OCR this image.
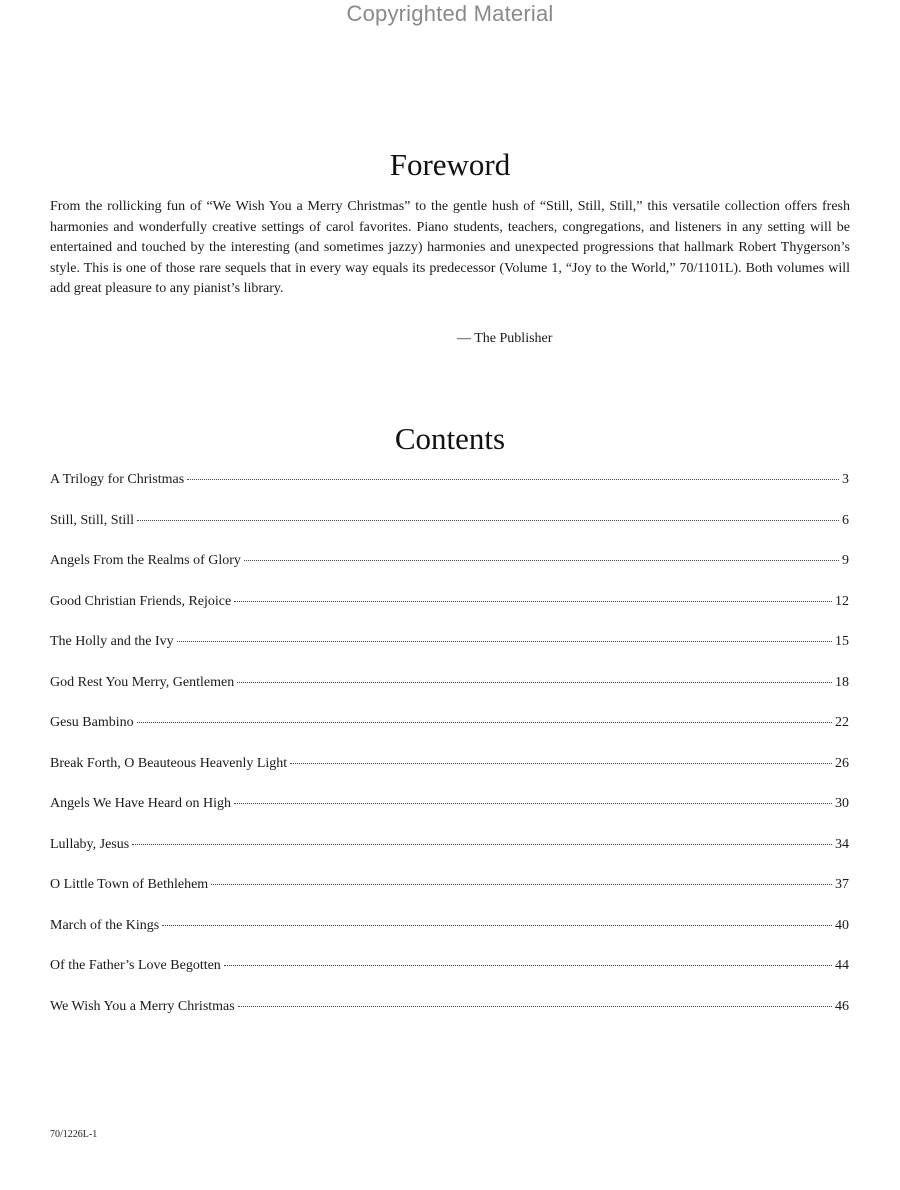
Copyrighted Material
Foreword

From the rollicking fun of “We Wish You a Merry Christmas” to the gentle hush of “Still, Still, Still,” this versatile collection offers fresh harmonies and wonderfully creative settings of carol favorites. Piano students, teachers, congregations, and listeners in any setting will be entertained and touched by the interesting (and sometimes jazzy) harmonies and unexpected progressions that hallmark Robert Thygerson’s style. This is one of those rare sequels that in every way equals its predecessor (Volume 1, “Joy to the World,” 70/1101L). Both volumes will add great pleasure to any pianist’s library.

— The Publisher

Contents
A Trilogy for Christmas	3
Still, Still, Still	6
Angels From the Realms of Glory	9
Good Christian Friends, Rejoice	12
The Holly and the Ivy	15
God Rest You Merry, Gentlemen	18
Gesu Bambino	22
Break Forth, O Beauteous Heavenly Light	26
Angels We Have Heard on High	30
Lullaby, Jesus	34
O Little Town of Bethlehem	37
March of the Kings	40
Of the Father’s Love Begotten	44
We Wish You a Merry Christmas	46
70/1226L-1
